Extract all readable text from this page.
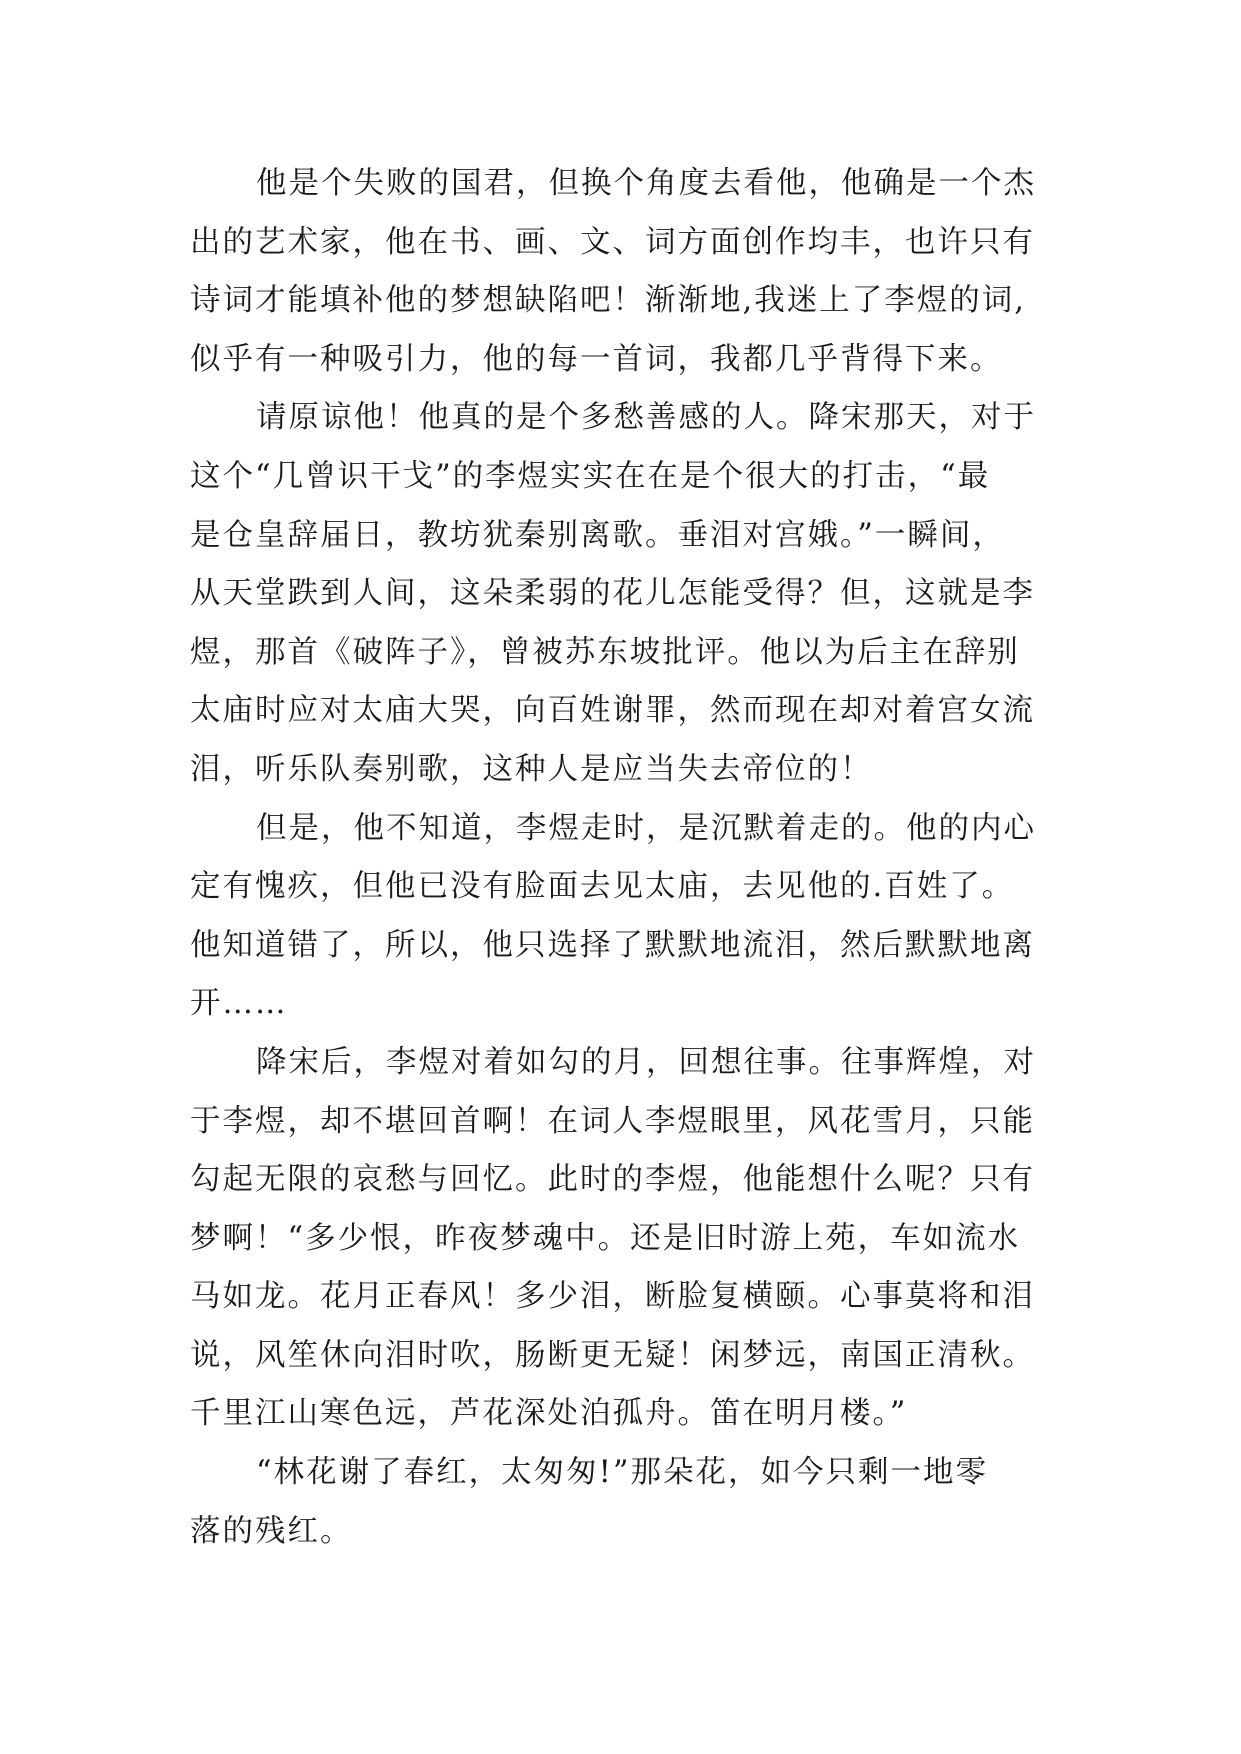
他是个失败的国君，但换个角度去看他，他确是一个杰
出的艺术家，他在书、画、文、词方面创作均丰，也许只有
诗词才能填补他的梦想缺陷吧！渐渐地,我迷上了李煜的词,
似乎有一种吸引力，他的每一首词，我都几乎背得下来。
请原谅他！他真的是个多愁善感的人。降宋那天，对于
这个“几曾识干戈”的李煜实实在在是个很大的打击，“最
是仓皇辞届日，教坊犹秦别离歌。垂泪对宫娥。”一瞬间，
从天堂跌到人间，这朵柔弱的花儿怎能受得？但，这就是李
煜，那首《破阵子》，曾被苏东坡批评。他以为后主在辞别
太庙时应对太庙大哭，向百姓谢罪，然而现在却对着宫女流
泪，听乐队奏别歌，这种人是应当失去帝位的！
但是，他不知道，李煜走时，是沉默着走的。他的内心
定有愧疚，但他已没有脸面去见太庙，去见他的.百姓了。
他知道错了，所以，他只选择了默默地流泪，然后默默地离
开……
降宋后，李煜对着如勾的月，回想往事。往事辉煌，对
于李煜，却不堪回首啊！在词人李煜眼里，风花雪月，只能
勾起无限的哀愁与回忆。此时的李煜，他能想什么呢？只有
梦啊！“多少恨，昨夜梦魂中。还是旧时游上苑，车如流水
马如龙。花月正春风！多少泪，断脸复横颐。心事莫将和泪
说，风笙休向泪时吹，肠断更无疑！闲梦远，南国正清秋。
千里江山寒色远，芦花深处泊孤舟。笛在明月楼。”
“林花谢了春红，太匆匆!”那朵花，如今只剩一地零
落的残红。
